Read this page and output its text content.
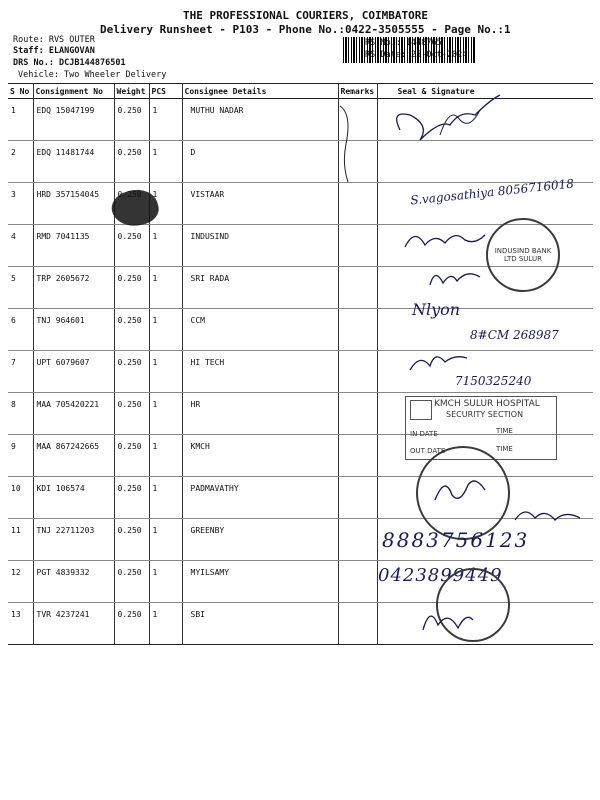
THE PROFESSIONAL COURIERS, COIMBATORE
Delivery Runsheet - P103 - Phone No.:0422-3505555 - Page No.:1
Route: RVS OUTER
Staff: ELANGOVAN
DRS No.: DCJB144876501
Vehicle: Two Wheeler Delivery
RS No.: 1448765
RS Date: 25-Oct-2024
S No	Consignment No	Weight	PCS	Consignee Details	Remarks	Seal & Signature
1	EDQ 15047199	0.250	1	MUTHU NADAR		
2	EDQ 11481744	0.250	1	D		
3	HRD 357154045		1	VISTAAR		
4	RMD 7041135	0.250	1	INDUSIND		
5	TRP 2605672	0.250	1	SRI RADA		
6	TNJ 964601	0.250	1	CCM		
7	UPT 6079607	0.250	1	HI TECH		
8	MAA 705420221	0.250	1	HR		
9	MAA 867242665	0.250	1	KMCH		
10	KDI 106574	0.250	1	PADMAVATHY		
11	TNJ 22711203	0.250	1	GREENBY		
12	PGT 4839332	0.250	1	MYILSAMY		
13	TVR 4237241	0.250	1	SBI		
S.vagosathiya 8056716018
INDUSIND BANK LTD SULUR
Nlyon
8#CM 268987
7150325240
KMCH SULUR HOSPITAL
SECURITY SECTION
IN DATE	TIME
OUT DATE	TIME
8883756123
0423899449
